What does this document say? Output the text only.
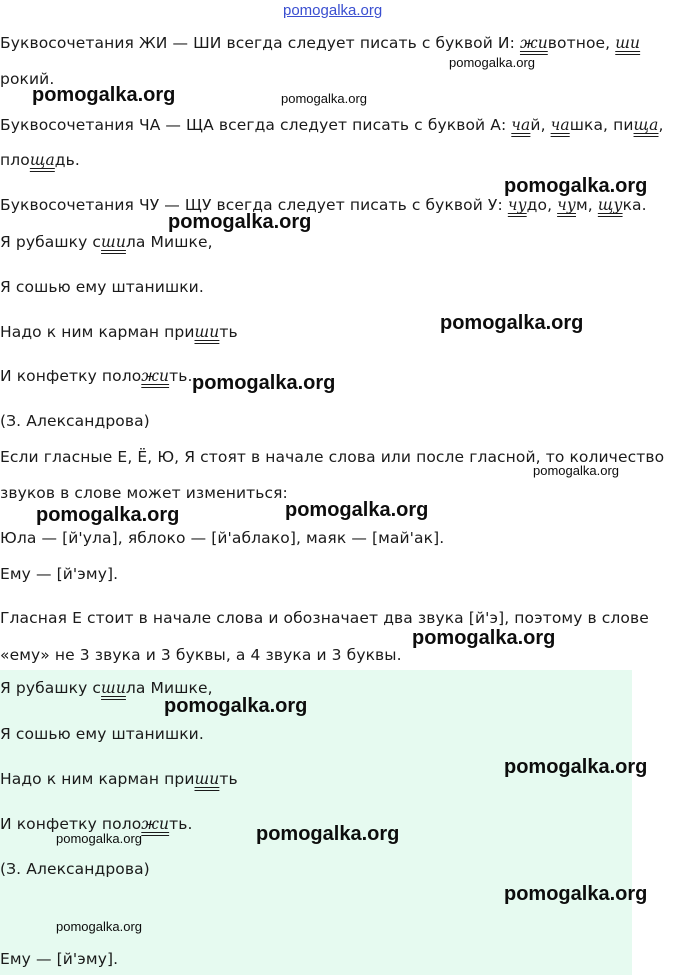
Буквосочетания ЖИ — ШИ всегда следует писать с буквой И: животное, ши

рокий.

Буквосочетания ЧА — ЩА всегда следует писать с буквой А: чай, чашка, пища,

площадь.

Буквосочетания ЧУ — ЩУ всегда следует писать с буквой У: чудо, чум, щука.

Я рубашку сшила Мишке,

Я сошью ему штанишки.

Надо к ним карман пришить

И конфетку положить.

(З. Александрова)

Если гласные Е, Ё, Ю, Я стоят в начале слова или после гласной, то количество

звуков в слове может измениться:

Юла — [й'ула], яблоко — [й'аблако], маяк — [май'ак].

Ему — [й'эму].

Гласная Е стоит в начале слова и обозначает два звука [й'э], поэтому в слове

«ему» не 3 звука и 3 буквы, а 4 звука и 3 буквы.

Я рубашку сшила Мишке,

Я сошью ему штанишки.

Надо к ним карман пришить

И конфетку положить.

(З. Александрова)

Ему — [й'эму].

pomogalka.org
pomogalka.org
pomogalka.org	pomogalka.org
pomogalka.org
pomogalka.org
pomogalka.org
pomogalka.org
pomogalka.org
pomogalka.org
pomogalka.org
pomogalka.org
pomogalka.org
pomogalka.org
pomogalka.org
pomogalka.org
pomogalka.org
pomogalka.org
